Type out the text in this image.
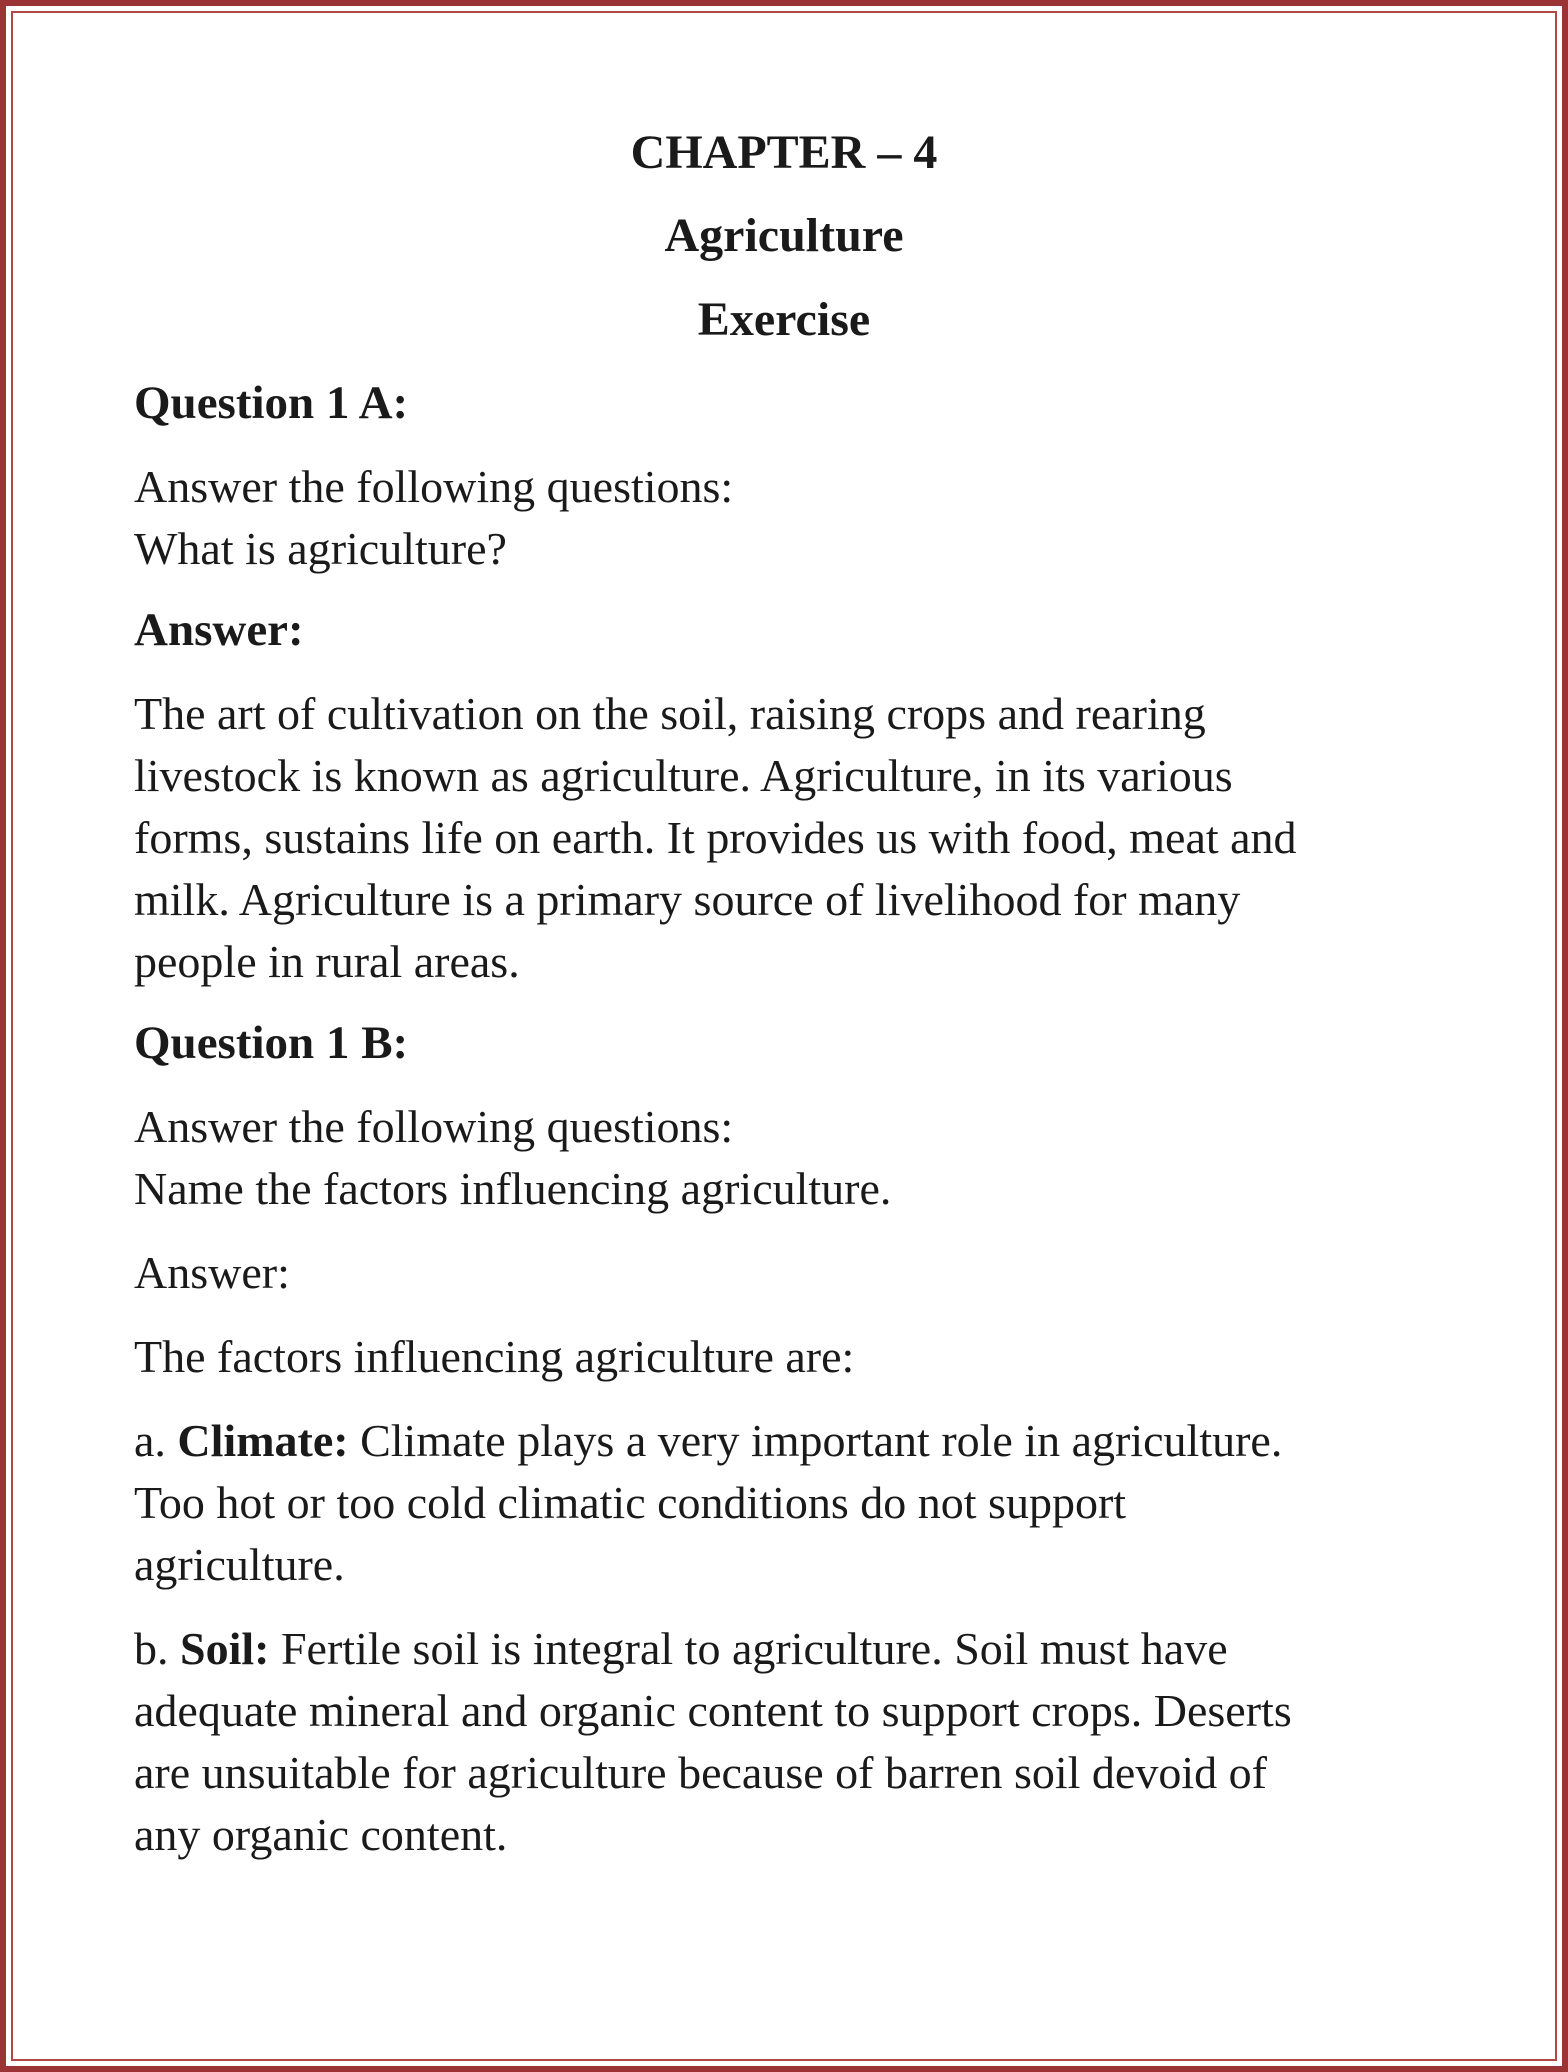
CHAPTER – 4

Agriculture

Exercise

Question 1 A:

Answer the following questions:
What is agriculture?

Answer:

The art of cultivation on the soil, raising crops and rearing
livestock is known as agriculture. Agriculture, in its various
forms, sustains life on earth. It provides us with food, meat and
milk. Agriculture is a primary source of livelihood for many
people in rural areas.

Question 1 B:

Answer the following questions:
Name the factors influencing agriculture.

Answer:

The factors influencing agriculture are:

a. Climate: Climate plays a very important role in agriculture.
Too hot or too cold climatic conditions do not support
agriculture.

b. Soil: Fertile soil is integral to agriculture. Soil must have
adequate mineral and organic content to support crops. Deserts
are unsuitable for agriculture because of barren soil devoid of
any organic content.
